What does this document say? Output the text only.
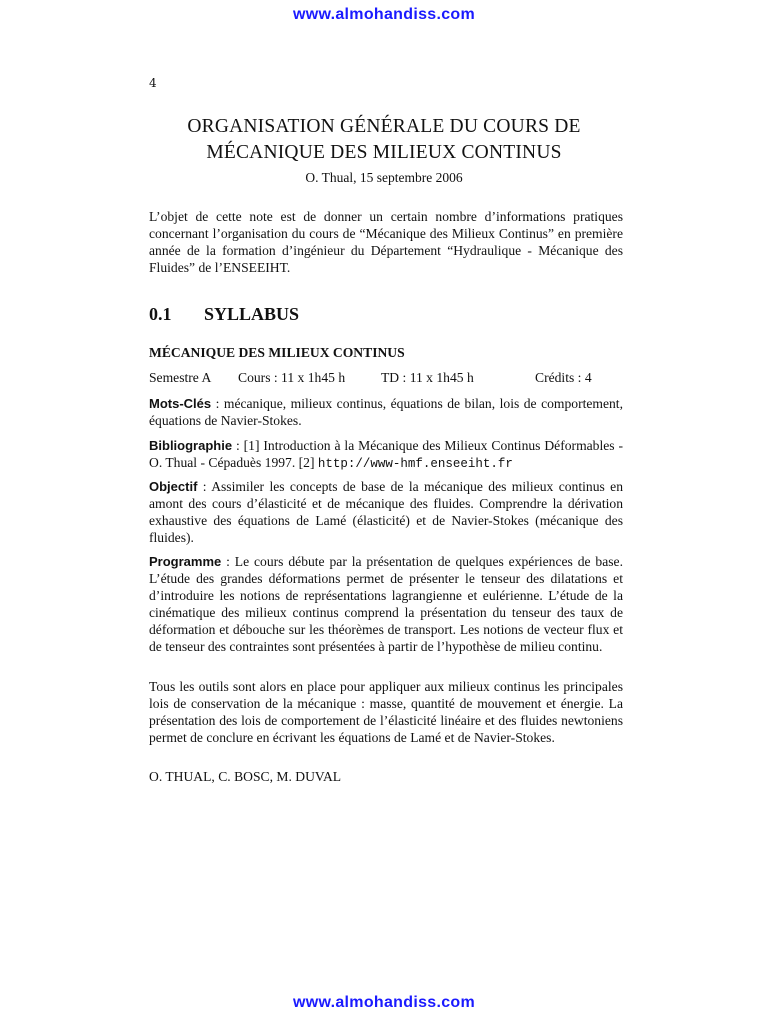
www.almohandiss.com
4
ORGANISATION GÉNÉRALE DU COURS DE
MÉCANIQUE DES MILIEUX CONTINUS
O. Thual, 15 septembre 2006
L’objet de cette note est de donner un certain nombre d’informations pratiques concernant l’organisation du cours de “Mécanique des Milieux Continus” en première année de la formation d’ingénieur du Département “Hydraulique - Mécanique des Fluides” de l’ENSEEIHT.
0.1 SYLLABUS
MÉCANIQUE DES MILIEUX CONTINUS
Semestre A Cours : 11 x 1h45 h	TD : 11 x 1h45 h	Crédits : 4
Mots-Clés : mécanique, milieux continus, équations de bilan, lois de comportement, équations de Navier-Stokes.
Bibliographie : [1] Introduction à la Mécanique des Milieux Continus Déformables - O. Thual - Cépaduès 1997. [2] http://www-hmf.enseeiht.fr
Objectif : Assimiler les concepts de base de la mécanique des milieux continus en amont des cours d’élasticité et de mécanique des fluides. Comprendre la dérivation exhaustive des équations de Lamé (élasticité) et de Navier-Stokes (mécanique des fluides).
Programme : Le cours débute par la présentation de quelques expériences de base. L’étude des grandes déformations permet de présenter le tenseur des dilatations et d’introduire les notions de représentations lagrangienne et eulérienne. L’étude de la cinématique des milieux continus comprend la présentation du tenseur des taux de déformation et débouche sur les théorèmes de transport. Les notions de vecteur flux et de tenseur des contraintes sont présentées à partir de l’hypothèse de milieu continu.
Tous les outils sont alors en place pour appliquer aux milieux continus les principales lois de conservation de la mécanique : masse, quantité de mouvement et énergie. La présentation des lois de comportement de l’élasticité linéaire et des fluides newtoniens permet de conclure en écrivant les équations de Lamé et de Navier-Stokes.
O. THUAL, C. BOSC, M. DUVAL
www.almohandiss.com
